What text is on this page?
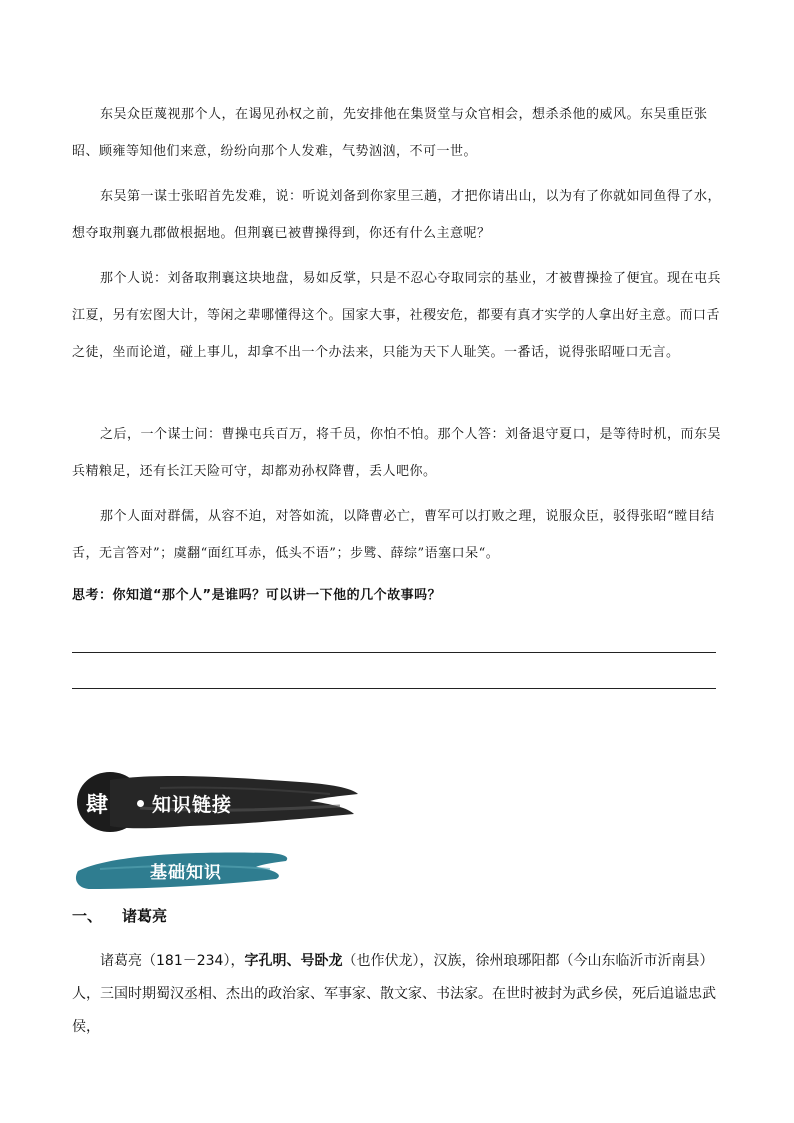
东吴众臣蔑视那个人，在谒见孙权之前，先安排他在集贤堂与众官相会，想杀杀他的威风。东吴重臣张昭、顾雍等知他们来意，纷纷向那个人发难，气势汹汹，不可一世。

东吴第一谋士张昭首先发难，说：听说刘备到你家里三趟，才把你请出山，以为有了你就如同鱼得了水，想夺取荆襄九郡做根据地。但荆襄已被曹操得到，你还有什么主意呢？

那个人说：刘备取荆襄这块地盘，易如反掌，只是不忍心夺取同宗的基业，才被曹操捡了便宜。现在屯兵江夏，另有宏图大计，等闲之辈哪懂得这个。国家大事，社稷安危，都要有真才实学的人拿出好主意。而口舌之徒，坐而论道，碰上事儿，却拿不出一个办法来，只能为天下人耻笑。一番话，说得张昭哑口无言。

之后，一个谋士问：曹操屯兵百万，将千员，你怕不怕。那个人答：刘备退守夏口，是等待时机，而东吴兵精粮足，还有长江天险可守，却都劝孙权降曹，丢人吧你。

那个人面对群儒，从容不迫，对答如流，以降曹必亡，曹军可以打败之理，说服众臣，驳得张昭“瞠目结舌，无言答对”；虞翻“面红耳赤，低头不语”；步骘、薛综”语塞口呆“。

思考：你知道“那个人”是谁吗？可以讲一下他的几个故事吗？
肆 知识链接
基础知识
一、 诸葛亮

诸葛亮（181－234），字孔明、号卧龙（也作伏龙），汉族，徐州琅琊阳都（今山东临沂市沂南县）人，三国时期蜀汉丞相、杰出的政治家、军事家、散文家、书法家。在世时被封为武乡侯，死后追谥忠武侯，
